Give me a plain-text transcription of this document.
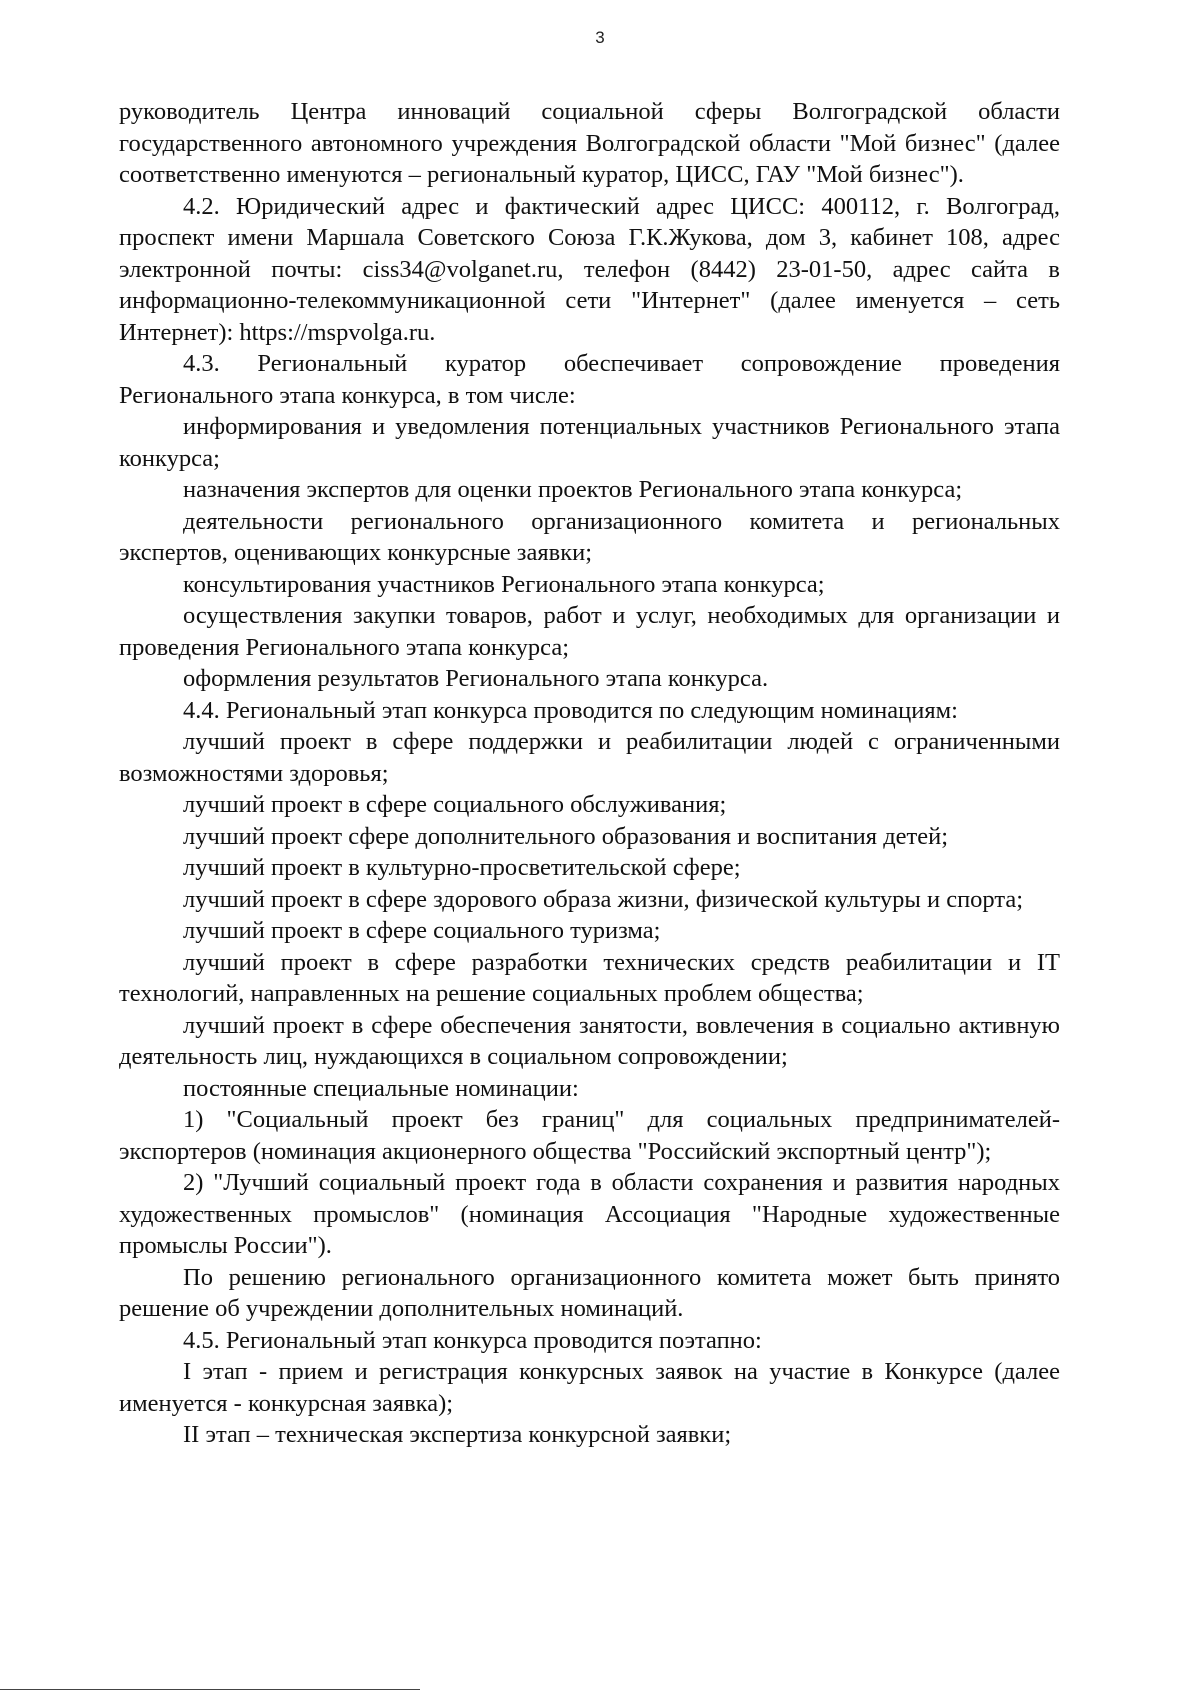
3

руководитель Центра инноваций социальной сферы Волгоградской области государственного автономного учреждения Волгоградской области "Мой бизнес" (далее соответственно именуются – региональный куратор, ЦИСС, ГАУ "Мой бизнес").

4.2. Юридический адрес и фактический адрес ЦИСС: 400112, г. Волгоград, проспект имени Маршала Советского Союза Г.К.Жукова, дом 3, кабинет 108, адрес электронной почты: ciss34@volganet.ru, телефон (8442) 23-01-50, адрес сайта в информационно-телекоммуникационной сети "Интернет" (далее именуется – сеть Интернет): https://mspvolga.ru.

4.3. Региональный куратор обеспечивает сопровождение проведения Регионального этапа конкурса, в том числе:

информирования и уведомления потенциальных участников Регионального этапа конкурса;

назначения экспертов для оценки проектов Регионального этапа конкурса;

деятельности регионального организационного комитета и региональных экспертов, оценивающих конкурсные заявки;

консультирования участников Регионального этапа конкурса;

осуществления закупки товаров, работ и услуг, необходимых для организации и проведения Регионального этапа конкурса;

оформления результатов Регионального этапа конкурса.

4.4. Региональный этап конкурса проводится по следующим номинациям:

лучший проект в сфере поддержки и реабилитации людей с ограниченными возможностями здоровья;

лучший проект в сфере социального обслуживания;

лучший проект сфере дополнительного образования и воспитания детей;

лучший проект в культурно-просветительской сфере;

лучший проект в сфере здорового образа жизни, физической культуры и спорта;

лучший проект в сфере социального туризма;

лучший проект в сфере разработки технических средств реабилитации и IT технологий, направленных на решение социальных проблем общества;

лучший проект в сфере обеспечения занятости, вовлечения в социально активную деятельность лиц, нуждающихся в социальном сопровождении;

постоянные специальные номинации:

1) "Социальный проект без границ" для социальных предпринимателей-экспортеров (номинация акционерного общества "Российский экспортный центр");

2) "Лучший социальный проект года в области сохранения и развития народных художественных промыслов" (номинация Ассоциация "Народные художественные промыслы России").

По решению регионального организационного комитета может быть принято решение об учреждении дополнительных номинаций.

4.5. Региональный этап конкурса проводится поэтапно:

I этап - прием и регистрация конкурсных заявок на участие в Конкурсе (далее именуется - конкурсная заявка);

II этап – техническая экспертиза конкурсной заявки;
